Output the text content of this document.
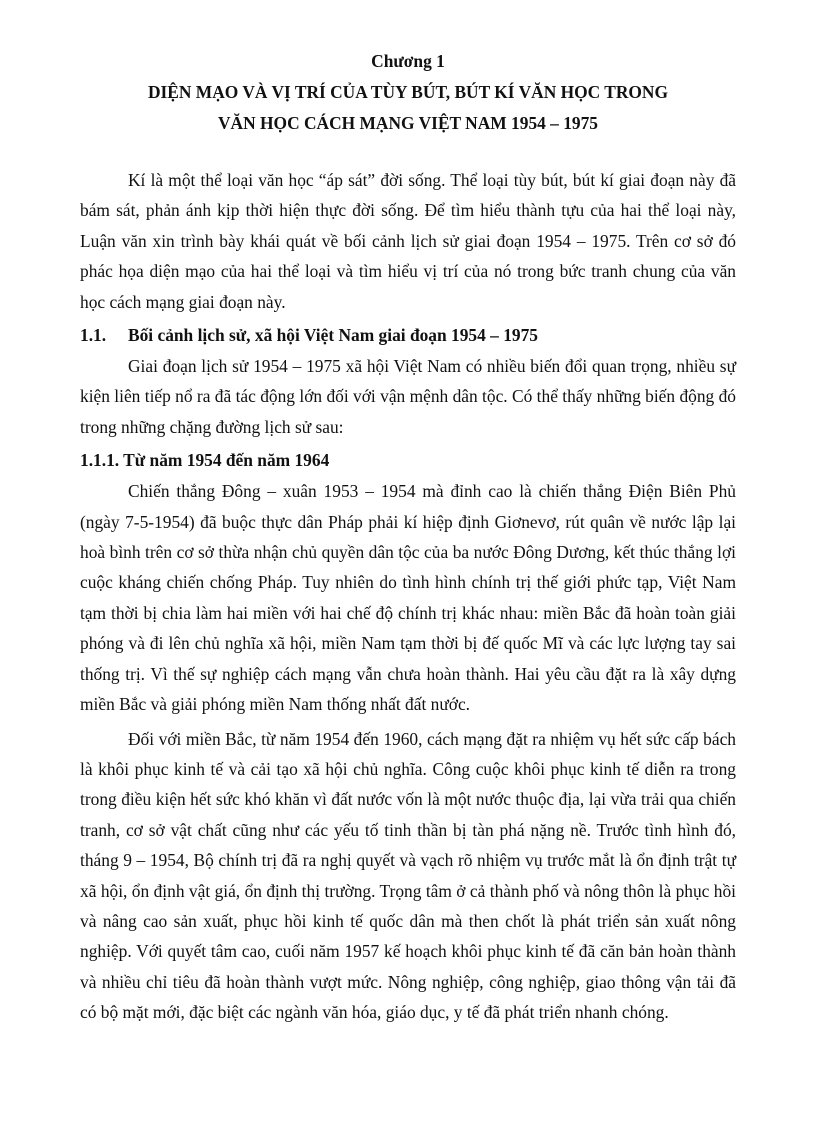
Chương 1

DIỆN MẠO VÀ VỊ TRÍ CỦA TÙY BÚT, BÚT KÍ VĂN HỌC TRONG

VĂN HỌC CÁCH MẠNG VIỆT NAM 1954 – 1975

Kí là một thể loại văn học “áp sát” đời sống. Thể loại tùy bút, bút kí giai đoạn này đã bám sát, phản ánh kịp thời hiện thực đời sống. Để tìm hiểu thành tựu của hai thể loại này, Luận văn xin trình bày khái quát về bối cảnh lịch sử giai đoạn 1954 – 1975. Trên cơ sở đó phác họa diện mạo của hai thể loại và tìm hiểu vị trí của nó trong bức tranh chung của văn học cách mạng giai đoạn này.

1.1. Bối cảnh lịch sử, xã hội Việt Nam giai đoạn 1954 – 1975

Giai đoạn lịch sử 1954 – 1975 xã hội Việt Nam có nhiều biến đổi quan trọng, nhiều sự kiện liên tiếp nổ ra đã tác động lớn đối với vận mệnh dân tộc. Có thể thấy những biến động đó trong những chặng đường lịch sử sau:

1.1.1. Từ năm 1954 đến năm 1964

Chiến thắng Đông – xuân 1953 – 1954 mà đỉnh cao là chiến thắng Điện Biên Phủ (ngày 7-5-1954) đã buộc thực dân Pháp phải kí hiệp định Giơnevơ, rút quân về nước lập lại hoà bình trên cơ sở thừa nhận chủ quyền dân tộc của ba nước Đông Dương, kết thúc thắng lợi cuộc kháng chiến chống Pháp. Tuy nhiên do tình hình chính trị thế giới phức tạp, Việt Nam tạm thời bị chia làm hai miền với hai chế độ chính trị khác nhau: miền Bắc đã hoàn toàn giải phóng và đi lên chủ nghĩa xã hội, miền Nam tạm thời bị đế quốc Mĩ và các lực lượng tay sai thống trị. Vì thế sự nghiệp cách mạng vẫn chưa hoàn thành. Hai yêu cầu đặt ra là xây dựng miền Bắc và giải phóng miền Nam thống nhất đất nước.

Đối với miền Bắc, từ năm 1954 đến 1960, cách mạng đặt ra nhiệm vụ hết sức cấp bách là khôi phục kinh tế và cải tạo xã hội chủ nghĩa. Công cuộc khôi phục kinh tế diễn ra trong trong điều kiện hết sức khó khăn vì đất nước vốn là một nước thuộc địa, lại vừa trải qua chiến tranh, cơ sở vật chất cũng như các yếu tố tinh thần bị tàn phá nặng nề. Trước tình hình đó, tháng 9 – 1954, Bộ chính trị đã ra nghị quyết và vạch rõ nhiệm vụ trước mắt là ổn định trật tự xã hội, ổn định vật giá, ổn định thị trường. Trọng tâm ở cả thành phố và nông thôn là phục hồi và nâng cao sản xuất, phục hồi kinh tế quốc dân mà then chốt là phát triển sản xuất nông nghiệp. Với quyết tâm cao, cuối năm 1957 kế hoạch khôi phục kinh tế đã căn bản hoàn thành và nhiều chỉ tiêu đã hoàn thành vượt mức. Nông nghiệp, công nghiệp, giao thông vận tải đã có bộ mặt mới, đặc biệt các ngành văn hóa, giáo dục, y tế đã phát triển nhanh chóng.
